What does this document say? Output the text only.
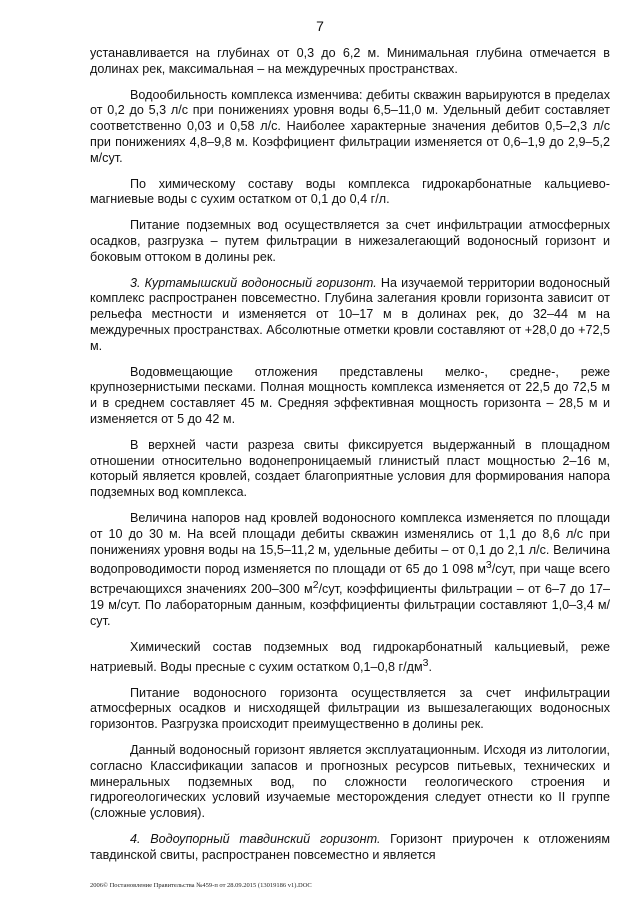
7

устанавливается на глубинах от 0,3 до 6,2 м. Минимальная глубина отмечается в долинах рек, максимальная – на междуречных пространствах.

Водообильность комплекса изменчива: дебиты скважин варьируются в пределах от 0,2 до 5,3 л/с при понижениях уровня воды 6,5–11,0 м. Удельный дебит составляет соответственно 0,03 и 0,58 л/с. Наиболее характерные значения дебитов 0,5–2,3 л/с при понижениях 4,8–9,8 м. Коэффициент фильтрации изменяется от 0,6–1,9 до 2,9–5,2 м/сут.

По химическому составу воды комплекса гидрокарбонатные кальциево-магниевые воды с сухим остатком от 0,1 до 0,4 г/л.

Питание подземных вод осуществляется за счет инфильтрации атмосферных осадков, разгрузка – путем фильтрации в нижезалегающий водоносный горизонт и боковым оттоком в долины рек.

3. Куртамышский водоносный горизонт. На изучаемой территории водоносный комплекс распространен повсеместно. Глубина залегания кровли горизонта зависит от рельефа местности и изменяется от 10–17 м в долинах рек, до 32–44 м на междуречных пространствах. Абсолютные отметки кровли составляют от +28,0 до +72,5 м.

Водовмещающие отложения представлены мелко-, средне-, реже крупнозернистыми песками. Полная мощность комплекса изменяется от 22,5 до 72,5 м и в среднем составляет 45 м. Средняя эффективная мощность горизонта – 28,5 м и изменяется от 5 до 42 м.

В верхней части разреза свиты фиксируется выдержанный в площадном отношении относительно водонепроницаемый глинистый пласт мощностью 2–16 м, который является кровлей, создает благоприятные условия для формирования напора подземных вод комплекса.

Величина напоров над кровлей водоносного комплекса изменяется по площади от 10 до 30 м. На всей площади дебиты скважин изменялись от 1,1 до 8,6 л/с при понижениях уровня воды на 15,5–11,2 м, удельные дебиты – от 0,1 до 2,1 л/с. Величина водопроводимости пород изменяется по площади от 65 до 1 098 $м^3$/сут, при чаще всего встречающихся значениях 200–300 $м^2$/сут, коэффициенты фильтрации – от 6–7 до 17–19 м/сут. По лабораторным данным, коэффициенты фильтрации составляют 1,0–3,4 м/сут.

Химический состав подземных вод гидрокарбонатный кальциевый, реже натриевый. Воды пресные с сухим остатком 0,1–0,8 $г/дм^3$.

Питание водоносного горизонта осуществляется за счет инфильтрации атмосферных осадков и нисходящей фильтрации из вышезалегающих водоносных горизонтов. Разгрузка происходит преимущественно в долины рек.

Данный водоносный горизонт является эксплуатационным. Исходя из литологии, согласно Классификации запасов и прогнозных ресурсов питьевых, технических и минеральных подземных вод, по сложности геологического строения и гидрогеологических условий изучаемые месторождения следует отнести ко II группе (сложные условия).

4. Водоупорный тавдинский горизонт. Горизонт приурочен к отложениям тавдинской свиты, распространен повсеместно и является

2006© Постановление Правительства №459-п от 28.09.2015 (13019186 v1).DOC
